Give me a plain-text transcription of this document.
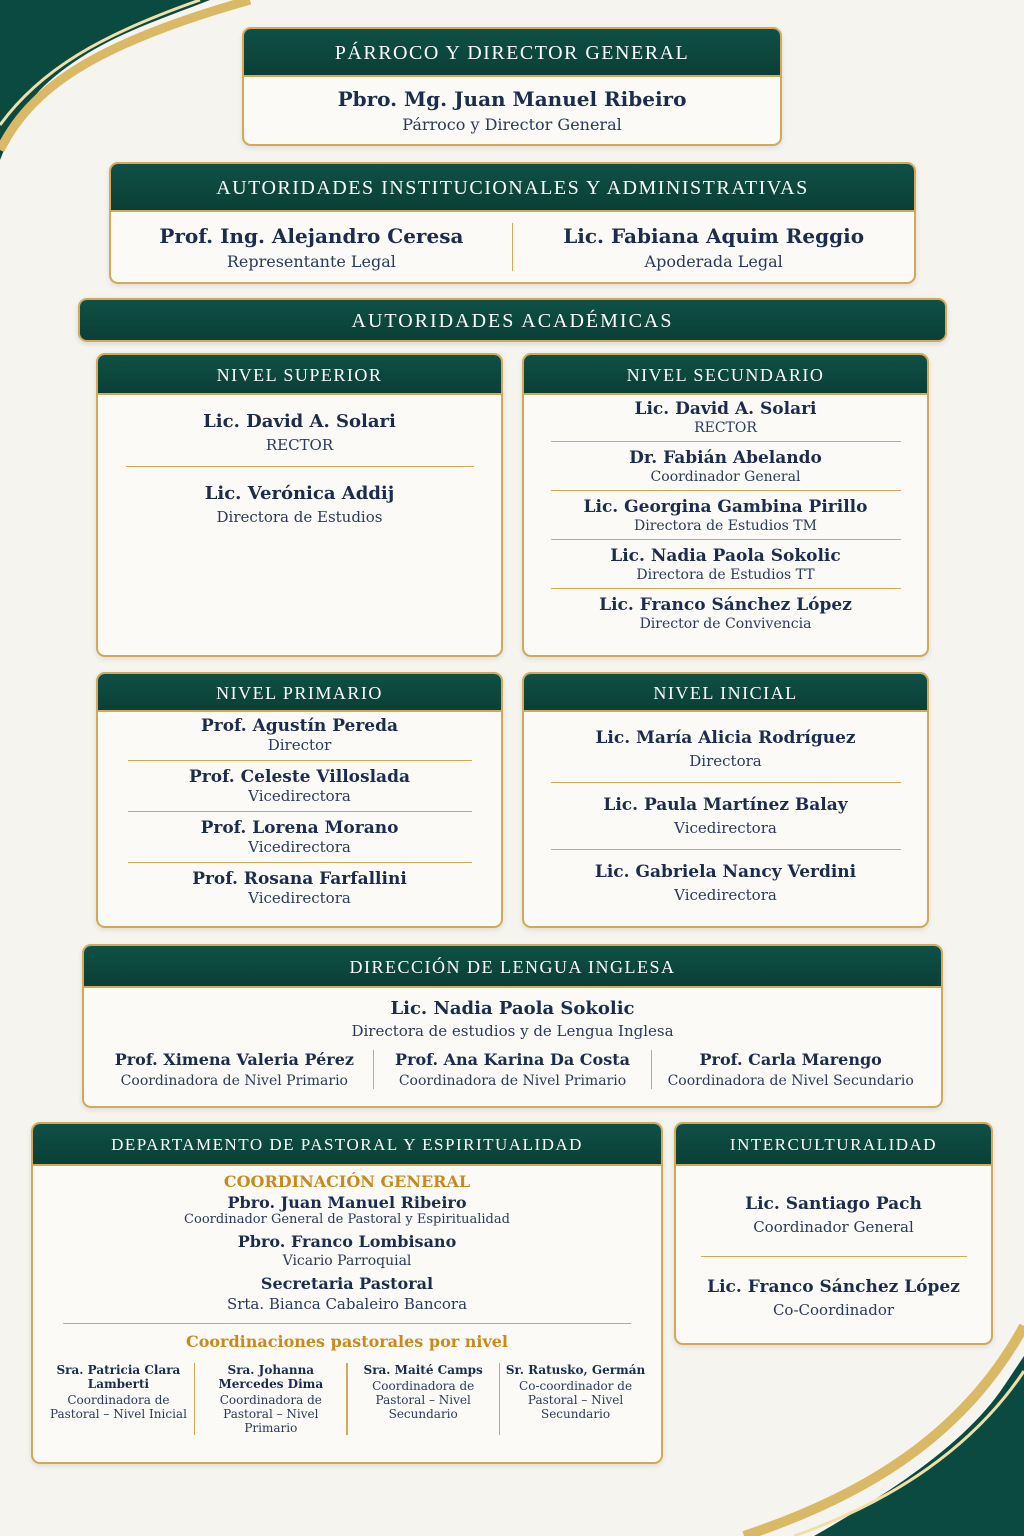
PÁRROCO Y DIRECTOR GENERAL
Pbro. Mg. Juan Manuel Ribeiro
Párroco y Director General
AUTORIDADES INSTITUCIONALES Y ADMINISTRATIVAS
Prof. Ing. Alejandro Ceresa
Representante Legal
Lic. Fabiana Aquim Reggio
Apoderada Legal
AUTORIDADES ACADÉMICAS
NIVEL SUPERIOR
Lic. David A. Solari
RECTOR
Lic. Verónica Addij
Directora de Estudios
NIVEL SECUNDARIO
Lic. David A. Solari
RECTOR
Dr. Fabián Abelando
Coordinador General
Lic. Georgina Gambina Pirillo
Directora de Estudios TM
Lic. Nadia Paola Sokolic
Directora de Estudios TT
Lic. Franco Sánchez López
Director de Convivencia
NIVEL PRIMARIO
Prof. Agustín Pereda
Director
Prof. Celeste Villoslada
Vicedirectora
Prof. Lorena Morano
Vicedirectora
Prof. Rosana Farfallini
Vicedirectora
NIVEL INICIAL
Lic. María Alicia Rodríguez
Directora
Lic. Paula Martínez Balay
Vicedirectora
Lic. Gabriela Nancy Verdini
Vicedirectora
DIRECCIÓN DE LENGUA INGLESA
Lic. Nadia Paola Sokolic
Directora de estudios y de Lengua Inglesa
Prof. Ximena Valeria Pérez
Coordinadora de Nivel Primario
Prof. Ana Karina Da Costa
Coordinadora de Nivel Primario
Prof. Carla Marengo
Coordinadora de Nivel Secundario
DEPARTAMENTO DE PASTORAL Y ESPIRITUALIDAD
COORDINACIÓN GENERAL
Pbro. Juan Manuel Ribeiro
Coordinador General de Pastoral y Espiritualidad
Pbro. Franco Lombisano
Vicario Parroquial
Secretaria Pastoral
Srta. Bianca Cabaleiro Bancora
Coordinaciones pastorales por nivel
Sra. Patricia Clara Lamberti
Coordinadora de Pastoral – Nivel Inicial
Sra. Johanna Mercedes Dima
Coordinadora de Pastoral – Nivel Primario
Sra. Maité Camps
Coordinadora de Pastoral – Nivel Secundario
Sr. Ratusko, Germán
Co-coordinador de Pastoral – Nivel Secundario
INTERCULTURALIDAD
Lic. Santiago Pach
Coordinador General
Lic. Franco Sánchez López
Co-Coordinador
